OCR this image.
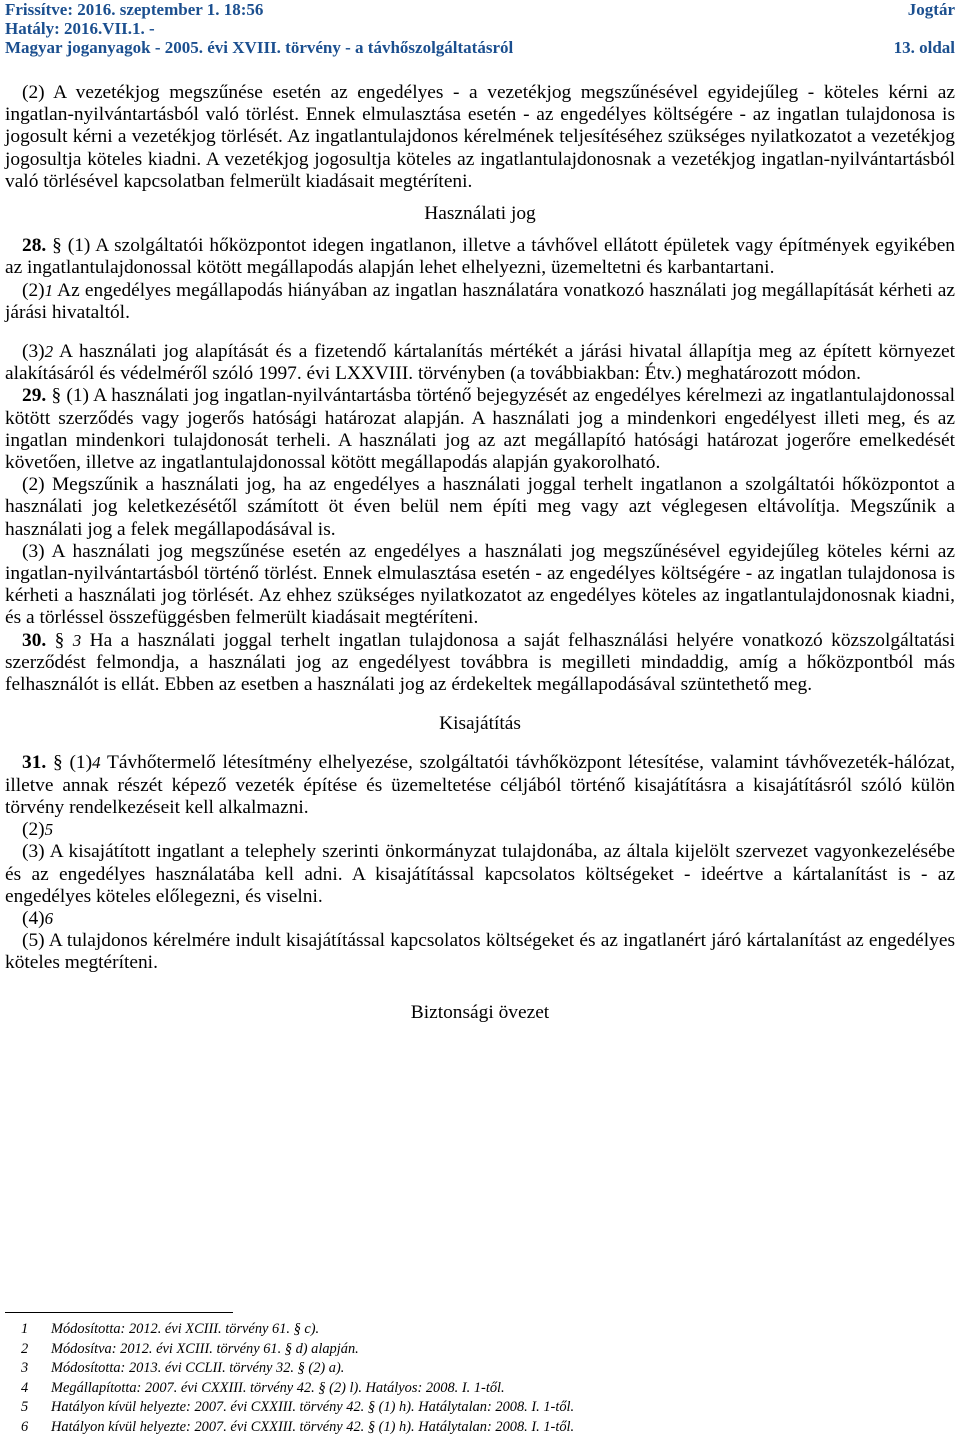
Frissítve: 2016. szeptember 1. 18:56	Jogtár
Hatály: 2016.VII.1. -
Magyar joganyagok - 2005. évi XVIII. törvény - a távhőszolgáltatásról	13. oldal

(2) A vezetékjog megszűnése esetén az engedélyes - a vezetékjog megszűnésével egyidejűleg - köteles kérni az ingatlan-nyilvántartásból való törlést. Ennek elmulasztása esetén - az engedélyes költségére - az ingatlan tulajdonosa is jogosult kérni a vezetékjog törlését. Az ingatlantulajdonos kérelmének teljesítéséhez szükséges nyilatkozatot a vezetékjog jogosultja köteles kiadni. A vezetékjog jogosultja köteles az ingatlantulajdonosnak a vezetékjog ingatlan-nyilvántartásból való törlésével kapcsolatban felmerült kiadásait megtéríteni.

Használati jog

28. § (1) A szolgáltatói hőközpontot idegen ingatlanon, illetve a távhővel ellátott épületek vagy építmények egyikében az ingatlantulajdonossal kötött megállapodás alapján lehet elhelyezni, üzemeltetni és karbantartani.

(2)1 Az engedélyes megállapodás hiányában az ingatlan használatára vonatkozó használati jog megállapítását kérheti az járási hivataltól.

(3)2 A használati jog alapítását és a fizetendő kártalanítás mértékét a járási hivatal állapítja meg az épített környezet alakításáról és védelméről szóló 1997. évi LXXVIII. törvényben (a továbbiakban: Étv.) meghatározott módon.

29. § (1) A használati jog ingatlan-nyilvántartásba történő bejegyzését az engedélyes kérelmezi az ingatlantulajdonossal kötött szerződés vagy jogerős hatósági határozat alapján. A használati jog a mindenkori engedélyest illeti meg, és az ingatlan mindenkori tulajdonosát terheli. A használati jog az azt megállapító hatósági határozat jogerőre emelkedését követően, illetve az ingatlantulajdonossal kötött megállapodás alapján gyakorolható.

(2) Megszűnik a használati jog, ha az engedélyes a használati joggal terhelt ingatlanon a szolgáltatói hőközpontot a használati jog keletkezésétől számított öt éven belül nem építi meg vagy azt véglegesen eltávolítja. Megszűnik a használati jog a felek megállapodásával is.

(3) A használati jog megszűnése esetén az engedélyes a használati jog megszűnésével egyidejűleg köteles kérni az ingatlan-nyilvántartásból történő törlést. Ennek elmulasztása esetén - az engedélyes költségére - az ingatlan tulajdonosa is kérheti a használati jog törlését. Az ehhez szükséges nyilatkozatot az engedélyes köteles az ingatlantulajdonosnak kiadni, és a törléssel összefüggésben felmerült kiadásait megtéríteni.

30. § 3 Ha a használati joggal terhelt ingatlan tulajdonosa a saját felhasználási helyére vonatkozó közszolgáltatási szerződést felmondja, a használati jog az engedélyest továbbra is megilleti mindaddig, amíg a hőközpontból más felhasználót is ellát. Ebben az esetben a használati jog az érdekeltek megállapodásával szüntethető meg.

Kisajátítás

31. § (1)4 Távhőtermelő létesítmény elhelyezése, szolgáltatói távhőközpont létesítése, valamint távhővezeték-hálózat, illetve annak részét képező vezeték építése és üzemeltetése céljából történő kisajátításra a kisajátításról szóló külön törvény rendelkezéseit kell alkalmazni.

(2)5

(3) A kisajátított ingatlant a telephely szerinti önkormányzat tulajdonába, az általa kijelölt szervezet vagyonkezelésébe és az engedélyes használatába kell adni. A kisajátítással kapcsolatos költségeket - ideértve a kártalanítást is - az engedélyes köteles előlegezni, és viselni.

(4)6

(5) A tulajdonos kérelmére indult kisajátítással kapcsolatos költségeket és az ingatlanért járó kártalanítást az engedélyes köteles megtéríteni.

Biztonsági övezet

1	Módosította: 2012. évi XCIII. törvény 61. § c).
2	Módosítva: 2012. évi XCIII. törvény 61. § d) alapján.
3	Módosította: 2013. évi CCLII. törvény 32. § (2) a).
4	Megállapította: 2007. évi CXXIII. törvény 42. § (2) l). Hatályos: 2008. I. 1-től.
5	Hatályon kívül helyezte: 2007. évi CXXIII. törvény 42. § (1) h). Hatálytalan: 2008. I. 1-től.
6	Hatályon kívül helyezte: 2007. évi CXXIII. törvény 42. § (1) h). Hatálytalan: 2008. I. 1-től.
